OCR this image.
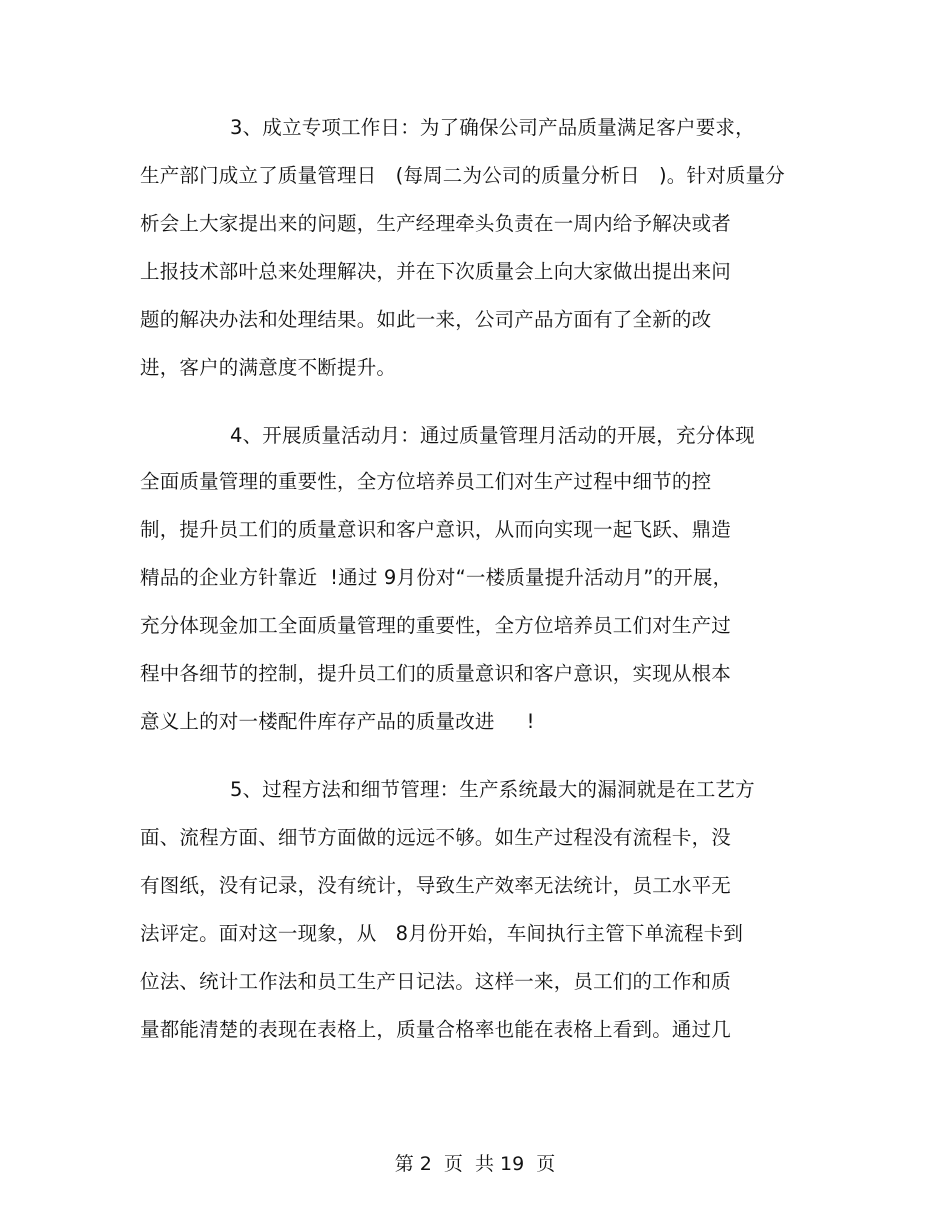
3、成立专项工作日：为了确保公司产品质量满足客户要求，
生产部门成立了质量管理日   (每周二为公司的质量分析日   )。针对质量分
析会上大家提出来的问题，生产经理牵头负责在一周内给予解决或者
上报技术部叶总来处理解决，并在下次质量会上向大家做出提出来问
题的解决办法和处理结果。如此一来，公司产品方面有了全新的改
进，客户的满意度不断提升。
4、开展质量活动月：通过质量管理月活动的开展，充分体现
全面质量管理的重要性，全方位培养员工们对生产过程中细节的控
制，提升员工们的质量意识和客户意识，从而向实现一起飞跃、鼎造
精品的企业方针靠近  !通过 9月份对“一楼质量提升活动月”的开展，
充分体现金加工全面质量管理的重要性，全方位培养员工们对生产过
程中各细节的控制，提升员工们的质量意识和客户意识，实现从根本
意义上的对一楼配件库存产品的质量改进     !
5、过程方法和细节管理：生产系统最大的漏洞就是在工艺方
面、流程方面、细节方面做的远远不够。如生产过程没有流程卡，没
有图纸，没有记录，没有统计，导致生产效率无法统计，员工水平无
法评定。面对这一现象，从   8月份开始，车间执行主管下单流程卡到
位法、统计工作法和员工生产日记法。这样一来，员工们的工作和质
量都能清楚的表现在表格上，质量合格率也能在表格上看到。通过几
第 2  页  共 19  页
